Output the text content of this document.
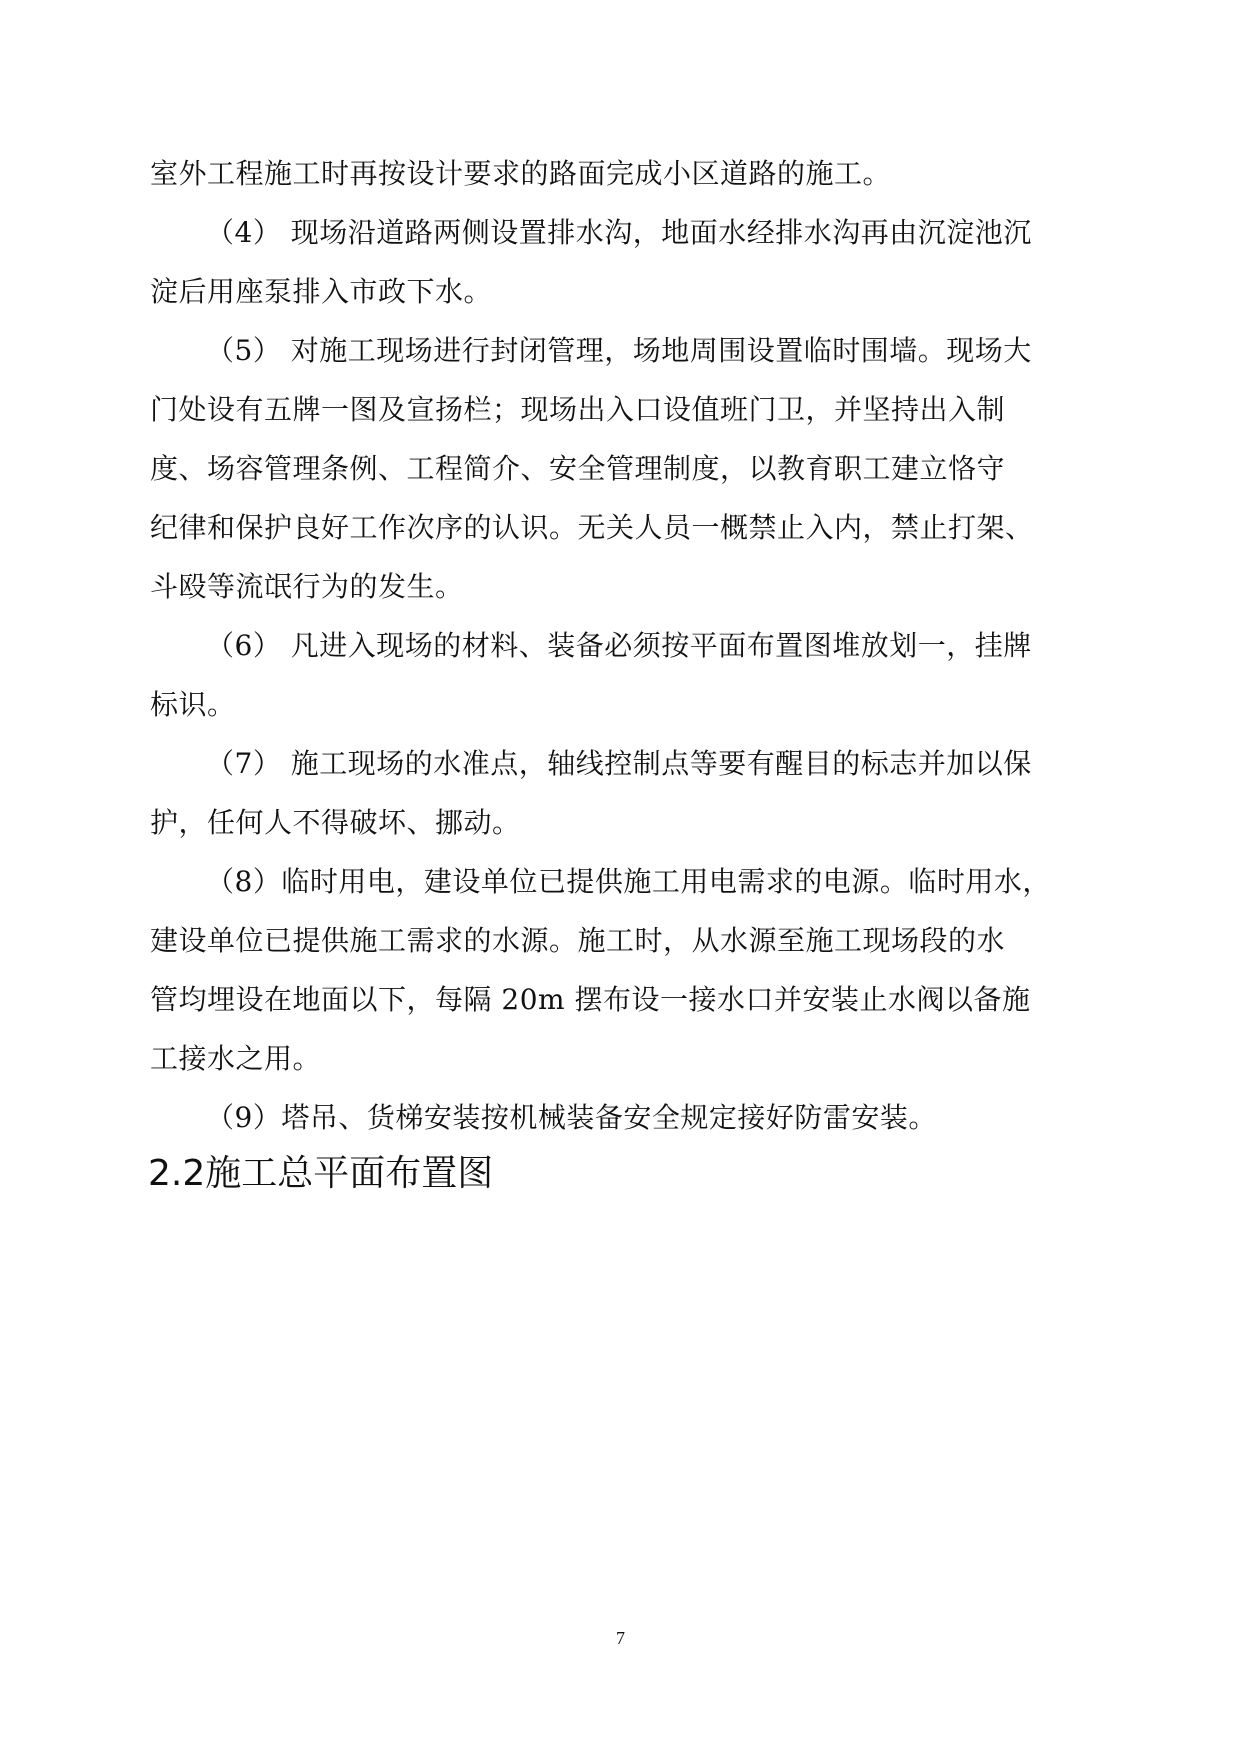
室外工程施工时再按设计要求的路面完成小区道路的施工。
（4） 现场沿道路两侧设置排水沟，地面水经排水沟再由沉淀池沉
淀后用座泵排入市政下水。
（5） 对施工现场进行封闭管理，场地周围设置临时围墙。现场大
门处设有五牌一图及宣扬栏；现场出入口设值班门卫，并坚持出入制
度、场容管理条例、工程简介、安全管理制度，以教育职工建立恪守
纪律和保护良好工作次序的认识。无关人员一概禁止入内，禁止打架、
斗殴等流氓行为的发生。
（6） 凡进入现场的材料、装备必须按平面布置图堆放划一，挂牌
标识。
（7） 施工现场的水准点，轴线控制点等要有醒目的标志并加以保
护，任何人不得破坏、挪动。
（8）临时用电，建设单位已提供施工用电需求的电源。临时用水，
建设单位已提供施工需求的水源。施工时，从水源至施工现场段的水
管均埋设在地面以下，每隔 20m 摆布设一接水口并安装止水阀以备施
工接水之用。
（9）塔吊、货梯安装按机械装备安全规定接好防雷安装。
2.2施工总平面布置图
7
